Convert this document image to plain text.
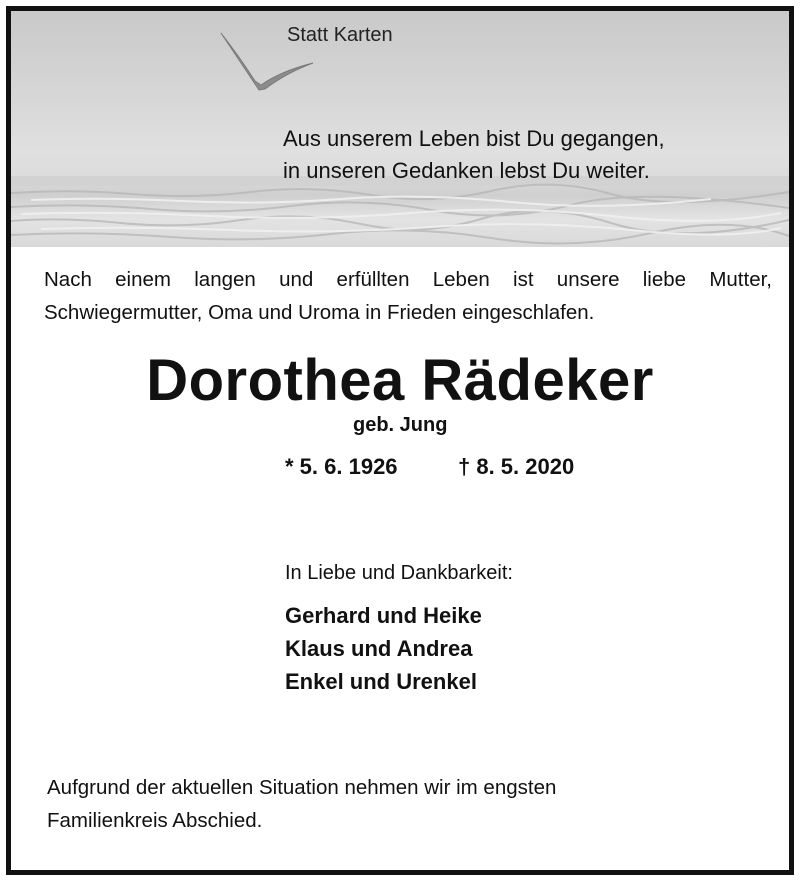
Statt Karten
Aus unserem Leben bist Du gegangen,
in unseren Gedanken lebst Du weiter.

Nach einem langen und erfüllten Leben ist unsere liebe Mutter, Schwiegermutter, Oma und Uroma in Frieden eingeschlafen.

Dorothea Rädeker
geb. Jung
* 5. 6. 1926	† 8. 5. 2020
In Liebe und Dankbarkeit:
Gerhard und Heike
Klaus und Andrea
Enkel und Urenkel
Aufgrund der aktuellen Situation nehmen wir im engsten
Familienkreis Abschied.
